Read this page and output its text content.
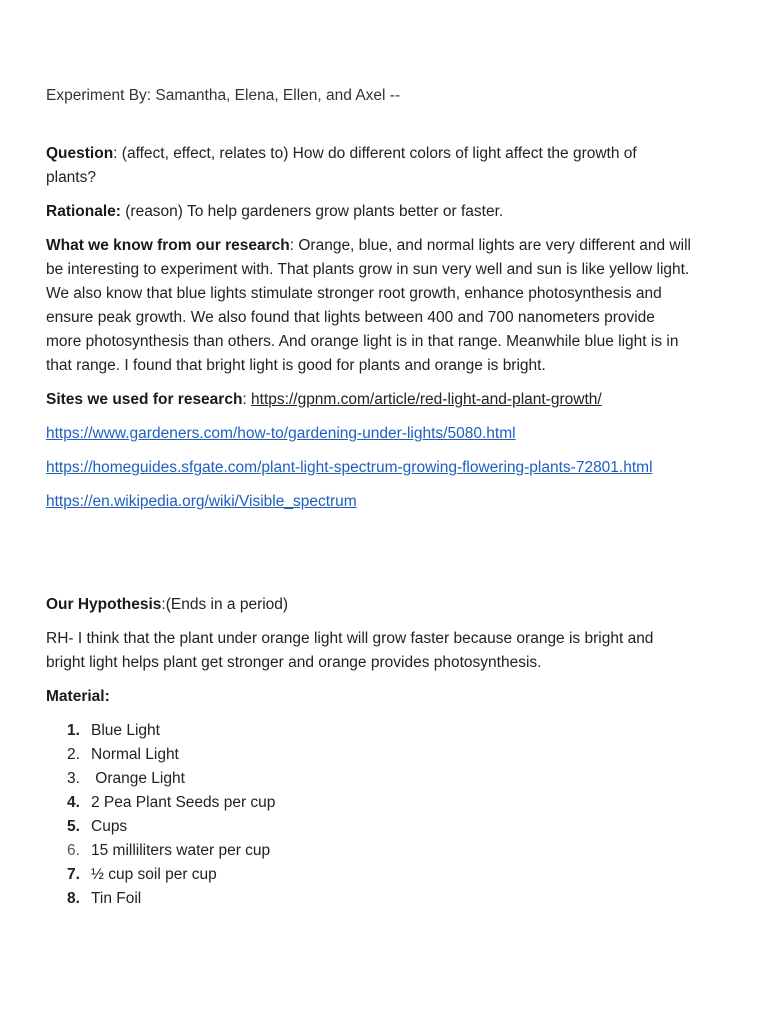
Experiment By: Samantha, Elena, Ellen, and Axel --
Question: (affect, effect, relates to) How do different colors of light affect the growth of
plants?
Rationale: (reason) To help gardeners grow plants better or faster.
What we know from our research: Orange, blue, and normal lights are very different and will
be interesting to experiment with. That plants grow in sun very well and sun is like yellow light.
We also know that blue lights stimulate stronger root growth, enhance photosynthesis and
ensure peak growth. We also found that lights between 400 and 700 nanometers provide
more photosynthesis than others. And orange light is in that range. Meanwhile blue light is in
that range. I found that bright light is good for plants and orange is bright.
Sites we used for research: https://gpnm.com/article/red-light-and-plant-growth/
https://www.gardeners.com/how-to/gardening-under-lights/5080.html
https://homeguides.sfgate.com/plant-light-spectrum-growing-flowering-plants-72801.html
https://en.wikipedia.org/wiki/Visible_spectrum
Our Hypothesis:(Ends in a period)
RH- I think that the plant under orange light will grow faster because orange is bright and
bright light helps plant get stronger and orange provides photosynthesis.
Material:
1. Blue Light
2. Normal Light
3. Orange Light
4. 2 Pea Plant Seeds per cup
5. Cups
6. 15 milliliters water per cup
7. ½ cup soil per cup
8. Tin Foil
